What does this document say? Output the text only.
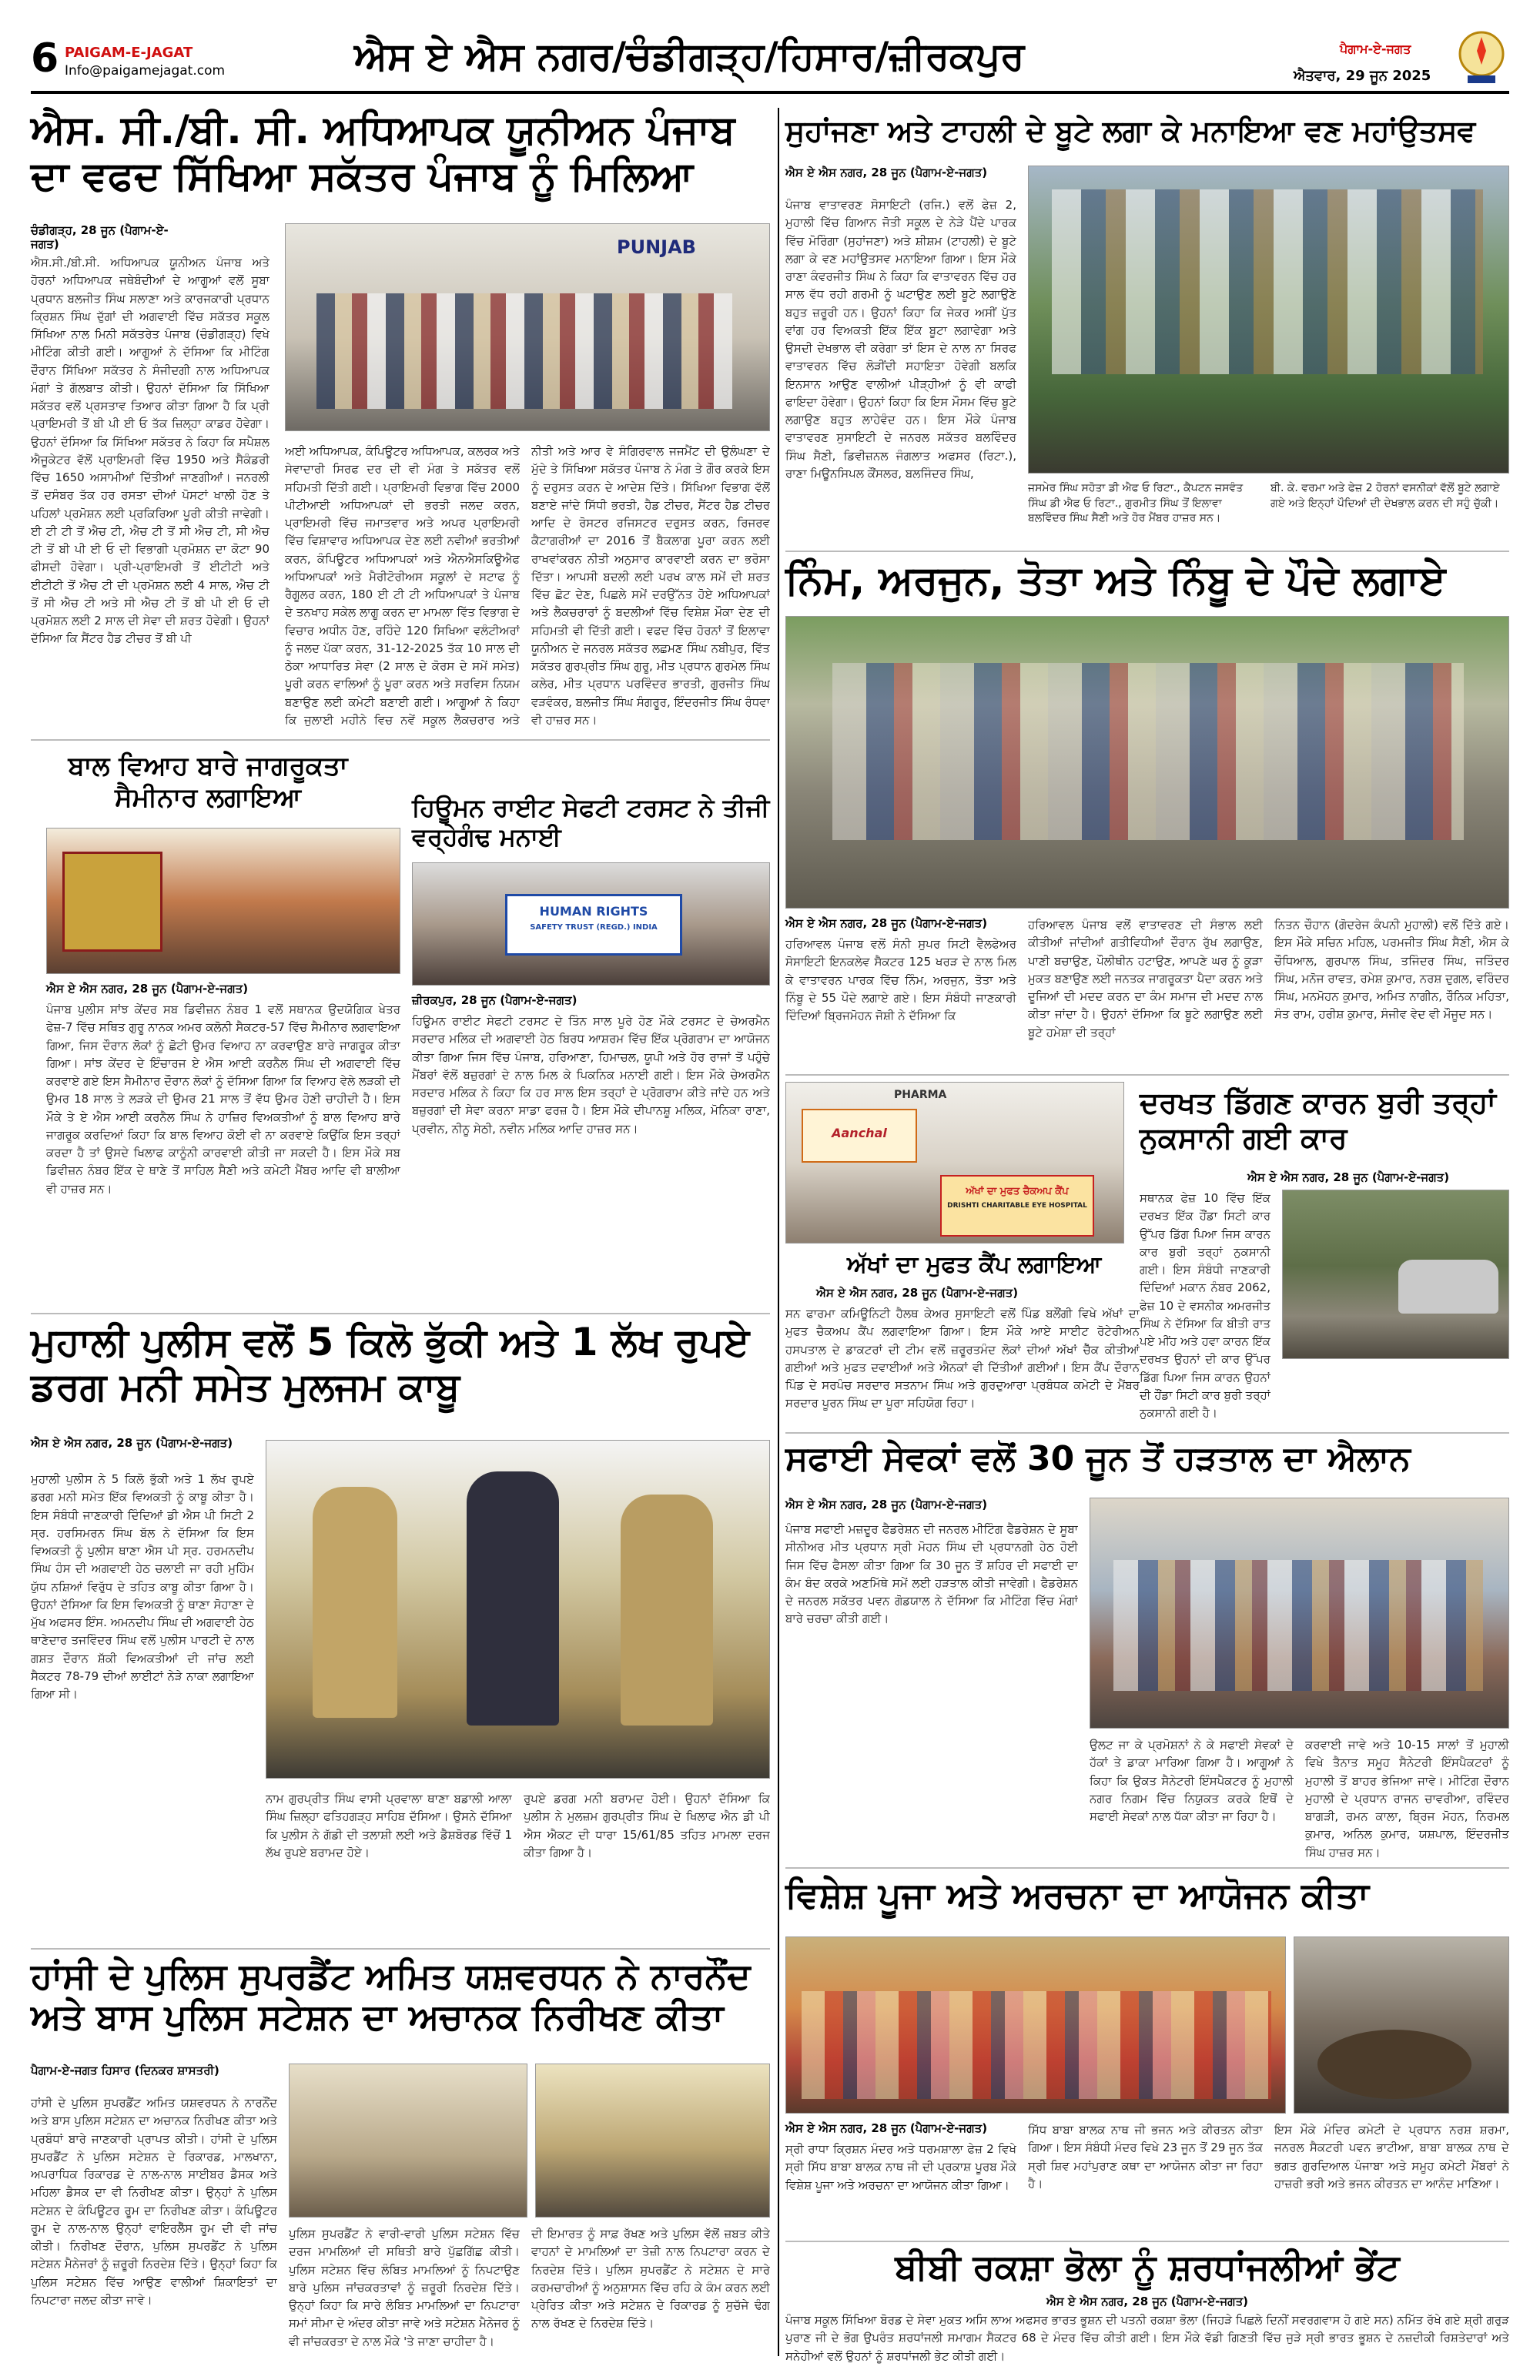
6 PAIGAM-E-JAGAT
Info@paigamejagat.com	ਐਸ ਏ ਐਸ ਨਗਰ/ਚੰਡੀਗੜ੍ਹ/ਹਿਸਾਰ/ਜ਼ੀਰਕਪੁਰ	ਪੈਗਾਮ-ਏ-ਜਗਤ
ਐਤਵਾਰ, 29 ਜੂਨ 2025
ਐਸ. ਸੀ./ਬੀ. ਸੀ. ਅਧਿਆਪਕ ਯੂਨੀਅਨ ਪੰਜਾਬ ਦਾ ਵਫਦ ਸਿੱਖਿਆ ਸਕੱਤਰ ਪੰਜਾਬ ਨੂੰ ਮਿਲਿਆ
ਚੰਡੀਗੜ੍ਹ, 28 ਜੂਨ (ਪੈਗਾਮ-ਏ-ਜਗਤ)
ਐਸ.ਸੀ./ਬੀ.ਸੀ. ਅਧਿਆਪਕ ਯੂਨੀਅਨ ਪੰਜਾਬ ਅਤੇ ਹੋਰਨਾਂ ਅਧਿਆਪਕ ਜਥੇਬੰਦੀਆਂ ਦੇ ਆਗੂਆਂ ਵਲੋਂ ਸੂਬਾ ਪ੍ਰਧਾਨ ਬਲਜੀਤ ਸਿੰਘ ਸਲਾਣਾ ਅਤੇ ਕਾਰਜਕਾਰੀ ਪ੍ਰਧਾਨ ਕ੍ਰਿਸ਼ਨ ਸਿੰਘ ਦੁੱਗਾਂ ਦੀ ਅਗਵਾਈ ਵਿੱਚ ਸਕੱਤਰ ਸਕੂਲ ਸਿੱਖਿਆ ਨਾਲ ਮਿਨੀ ਸਕੱਤਰੇਤ ਪੰਜਾਬ (ਚੰਡੀਗੜ੍ਹ) ਵਿਖੇ ਮੀਟਿੰਗ ਕੀਤੀ ਗਈ। ਆਗੂਆਂ ਨੇ ਦੱਸਿਆ ਕਿ ਮੀਟਿੰਗ ਦੌਰਾਨ ਸਿੱਖਿਆ ਸਕੱਤਰ ਨੇ ਸੰਜੀਦਗੀ ਨਾਲ ਅਧਿਆਪਕ ਮੰਗਾਂ ਤੇ ਗੱਲਬਾਤ ਕੀਤੀ। ਉਹਨਾਂ ਦੱਸਿਆ ਕਿ ਸਿੱਖਿਆ ਸਕੱਤਰ ਵਲੋਂ ਪ੍ਰਸਤਾਵ ਤਿਆਰ ਕੀਤਾ ਗਿਆ ਹੈ ਕਿ ਪ੍ਰੀ ਪ੍ਰਾਇਮਰੀ ਤੋਂ ਬੀ ਪੀ ਈ ਓ ਤੱਕ ਜ਼ਿਲ੍ਹਾ ਕਾਡਰ ਹੋਵੇਗਾ। ਉਹਨਾਂ ਦੱਸਿਆ ਕਿ ਸਿੱਖਿਆ ਸਕੱਤਰ ਨੇ ਕਿਹਾ ਕਿ ਸਪੈਸ਼ਲ ਐਜੂਕੇਟਰ ਵੱਲੋਂ ਪ੍ਰਾਇਮਰੀ ਵਿੱਚ 1950 ਅਤੇ ਸੈਕੰਡਰੀ ਵਿੱਚ 1650 ਅਸਾਮੀਆਂ ਦਿੱਤੀਆਂ ਜਾਣਗੀਆਂ। ਜਨਰਲੀ ਤੋਂ ਦਸੰਬਰ ਤੱਕ ਹਰ ਰਸਤਾ ਦੀਆਂ ਪੋਸਟਾਂ ਖਾਲੀ ਹੋਣ ਤੇ ਪਹਿਲਾਂ ਪ੍ਰਮੋਸ਼ਨ ਲਈ ਪ੍ਰਕਿਰਿਆ ਪੂਰੀ ਕੀਤੀ ਜਾਵੇਗੀ। ਈ ਟੀ ਟੀ ਤੋਂ ਐਚ ਟੀ, ਐਚ ਟੀ ਤੋਂ ਸੀ ਐਚ ਟੀ, ਸੀ ਐਚ ਟੀ ਤੋਂ ਬੀ ਪੀ ਈ ਓ ਦੀ ਵਿਭਾਗੀ ਪ੍ਰਮੋਸ਼ਨ ਦਾ ਕੋਟਾ 90 ਫੀਸਦੀ ਹੋਵੇਗਾ। ਪ੍ਰੀ-ਪ੍ਰਾਇਮਰੀ ਤੋਂ ਈਟੀਟੀ ਅਤੇ ਈਟੀਟੀ ਤੋਂ ਐਚ ਟੀ ਦੀ ਪ੍ਰਮੋਸ਼ਨ ਲਈ 4 ਸਾਲ, ਐਚ ਟੀ ਤੋਂ ਸੀ ਐਚ ਟੀ ਅਤੇ ਸੀ ਐਚ ਟੀ ਤੋਂ ਬੀ ਪੀ ਈ ਓ ਦੀ ਪ੍ਰਮੋਸ਼ਨ ਲਈ 2 ਸਾਲ ਦੀ ਸੇਵਾ ਦੀ ਸ਼ਰਤ ਹੋਵੇਗੀ। ਉਹਨਾਂ ਦੱਸਿਆ ਕਿ ਸੈਂਟਰ ਹੈਡ ਟੀਚਰ ਤੋਂ ਬੀ ਪੀ
PUNJAB
ਅਈ ਅਧਿਆਪਕ, ਕੰਪਿਊਟਰ ਅਧਿਆਪਕ, ਕਲਰਕ ਅਤੇ ਸੇਵਾਦਾਰੀ ਸਿਰਫ ਦਰ ਦੀ ਵੀ ਮੰਗ ਤੇ ਸਕੱਤਰ ਵਲੋਂ ਸਹਿਮਤੀ ਦਿੱਤੀ ਗਈ। ਪ੍ਰਾਇਮਰੀ ਵਿਭਾਗ ਵਿੱਚ 2000 ਪੀਟੀਆਈ ਅਧਿਆਪਕਾਂ ਦੀ ਭਰਤੀ ਜਲਦ ਕਰਨ, ਪ੍ਰਾਇਮਰੀ ਵਿੱਚ ਜਮਾਤਵਾਰ ਅਤੇ ਅਪਰ ਪ੍ਰਾਇਮਰੀ ਵਿੱਚ ਵਿਸ਼ਾਵਾਰ ਅਧਿਆਪਕ ਦੇਣ ਲਈ ਨਵੀਆਂ ਭਰਤੀਆਂ ਕਰਨ, ਕੰਪਿਊਟਰ ਅਧਿਆਪਕਾਂ ਅਤੇ ਐਨਐਸਕਿਊਐਫ ਅਧਿਆਪਕਾਂ ਅਤੇ ਮੈਰੀਟੋਰੀਅਸ ਸਕੂਲਾਂ ਦੇ ਸਟਾਫ ਨੂੰ ਰੈਗੂਲਰ ਕਰਨ, 180 ਈ ਟੀ ਟੀ ਅਧਿਆਪਕਾਂ ਤੇ ਪੰਜਾਬ ਦੇ ਤਨਖਾਹ ਸਕੇਲ ਲਾਗੂ ਕਰਨ ਦਾ ਮਾਮਲਾ ਵਿੱਤ ਵਿਭਾਗ ਦੇ ਵਿਚਾਰ ਅਧੀਨ ਹੋਣ, ਰਹਿੰਦੇ 120 ਸਿਖਿਆ ਵਲੰਟੀਅਰਾਂ ਨੂੰ ਜਲਦ ਪੱਕਾ ਕਰਨ, 31-12-2025 ਤੱਕ 10 ਸਾਲ ਦੀ ਠੇਕਾ ਆਧਾਰਿਤ ਸੇਵਾ (2 ਸਾਲ ਦੇ ਕੋਰਸ ਦੇ ਸਮੇਂ ਸਮੇਤ) ਪੂਰੀ ਕਰਨ ਵਾਲਿਆਂ ਨੂੰ ਪੂਰਾ ਕਰਨ ਅਤੇ ਸਰਵਿਸ ਨਿਯਮ ਬਣਾਉਣ ਲਈ ਕਮੇਟੀ ਬਣਾਈ ਗਈ। ਆਗੂਆਂ ਨੇ ਕਿਹਾ ਕਿ ਜੁਲਾਈ ਮਹੀਨੇ ਵਿਚ ਨਵੇਂ ਸਕੂਲ ਲੈਕਚਰਾਰ ਅਤੇ
ਨੀਤੀ ਅਤੇ ਆਰ ਵੇ ਸੰਗਿਰਵਾਲ ਜਜਮੈਂਟ ਦੀ ਉਲੰਘਣਾ ਦੇ ਮੁੱਦੇ ਤੇ ਸਿੱਖਿਆ ਸਕੱਤਰ ਪੰਜਾਬ ਨੇ ਮੰਗ ਤੇ ਗੌਰ ਕਰਕੇ ਇਸ ਨੂੰ ਦਰੁਸਤ ਕਰਨ ਦੇ ਆਦੇਸ਼ ਦਿੱਤੇ। ਸਿੱਖਿਆ ਵਿਭਾਗ ਵੱਲੋਂ ਬਣਾਏ ਜਾਂਦੇ ਸਿੱਧੀ ਭਰਤੀ, ਹੈਡ ਟੀਚਰ, ਸੈਂਟਰ ਹੈਡ ਟੀਚਰ ਆਦਿ ਦੇ ਰੋਸਟਰ ਰਜਿਸਟਰ ਦਰੁਸਤ ਕਰਨ, ਰਿਜਰਵ ਕੈਟਾਗਰੀਆਂ ਦਾ 2016 ਤੋਂ ਬੈਕਲਾਗ ਪੂਰਾ ਕਰਨ ਲਈ ਰਾਖਵਾਂਕਰਨ ਨੀਤੀ ਅਨੁਸਾਰ ਕਾਰਵਾਈ ਕਰਨ ਦਾ ਭਰੋਸਾ ਦਿੱਤਾ। ਆਪਸੀ ਬਦਲੀ ਲਈ ਪਰਖ ਕਾਲ ਸਮੇਂ ਦੀ ਸ਼ਰਤ ਵਿੱਚ ਛੋਟ ਦੇਣ, ਪਿਛਲੇ ਸਮੇਂ ਦਰਉੱਨਤ ਹੋਏ ਅਧਿਆਪਕਾਂ ਅਤੇ ਲੈਕਚਰਾਰਾਂ ਨੂੰ ਬਦਲੀਆਂ ਵਿੱਚ ਵਿਸ਼ੇਸ਼ ਮੌਕਾ ਦੇਣ ਦੀ ਸਹਿਮਤੀ ਵੀ ਦਿੱਤੀ ਗਈ। ਵਫਦ ਵਿੱਚ ਹੋਰਨਾਂ ਤੋਂ ਇਲਾਵਾ ਯੂਨੀਅਨ ਦੇ ਜਨਰਲ ਸਕੱਤਰ ਲਛਮਣ ਸਿੰਘ ਨਬੀਪੁਰ, ਵਿੱਤ ਸਕੱਤਰ ਗੁਰਪ੍ਰੀਤ ਸਿੰਘ ਗੁਰੂ, ਮੀਤ ਪ੍ਰਧਾਨ ਗੁਰਮੇਲ ਸਿੰਘ ਕਲੇਰ, ਮੀਤ ਪ੍ਰਧਾਨ ਪਰਵਿੰਦਰ ਭਾਰਤੀ, ਗੁਰਜੀਤ ਸਿੰਘ ਵੜਵੰਕਰ, ਬਲਜੀਤ ਸਿੰਘ ਸੰਗਰੂਰ, ਇੰਦਰਜੀਤ ਸਿੰਘ ਰੰਧਵਾ ਵੀ ਹਾਜ਼ਰ ਸਨ।
ਬਾਲ ਵਿਆਹ ਬਾਰੇ ਜਾਗਰੂਕਤਾ ਸੈਮੀਨਾਰ ਲਗਾਇਆ
ਐਸ ਏ ਐਸ ਨਗਰ, 28 ਜੂਨ (ਪੈਗਾਮ-ਏ-ਜਗਤ)
ਪੰਜਾਬ ਪੁਲੀਸ ਸਾਂਝ ਕੇਂਦਰ ਸਬ ਡਿਵੀਜ਼ਨ ਨੰਬਰ 1 ਵਲੋਂ ਸਥਾਨਕ ਉਦਯੋਗਿਕ ਖੇਤਰ ਫੇਜ਼-7 ਵਿੱਚ ਸਥਿਤ ਗੁਰੂ ਨਾਨਕ ਅਮਰ ਕਲੋਨੀ ਸੈਕਟਰ-57 ਵਿੱਚ ਸੈਮੀਨਾਰ ਲਗਵਾਇਆ ਗਿਆ, ਜਿਸ ਦੌਰਾਨ ਲੋਕਾਂ ਨੂੰ ਛੋਟੀ ਉਮਰ ਵਿਆਹ ਨਾ ਕਰਵਾਉਣ ਬਾਰੇ ਜਾਗਰੂਕ ਕੀਤਾ ਗਿਆ। ਸਾਂਝ ਕੇਂਦਰ ਦੇ ਇੰਚਾਰਜ ਏ ਐਸ ਆਈ ਕਰਨੈਲ ਸਿੰਘ ਦੀ ਅਗਵਾਈ ਵਿੱਚ ਕਰਵਾਏ ਗਏ ਇਸ ਸੈਮੀਨਾਰ ਦੌਰਾਨ ਲੋਕਾਂ ਨੂੰ ਦੱਸਿਆ ਗਿਆ ਕਿ ਵਿਆਹ ਵੇਲੇ ਲੜਕੀ ਦੀ ਉਮਰ 18 ਸਾਲ ਤੇ ਲੜਕੇ ਦੀ ਉਮਰ 21 ਸਾਲ ਤੋਂ ਵੱਧ ਉਮਰ ਹੋਣੀ ਚਾਹੀਦੀ ਹੈ। ਇਸ ਮੌਕੇ ਤੇ ਏ ਐਸ ਆਈ ਕਰਨੈਲ ਸਿੰਘ ਨੇ ਹਾਜ਼ਿਰ ਵਿਅਕਤੀਆਂ ਨੂੰ ਬਾਲ ਵਿਆਹ ਬਾਰੇ ਜਾਗਰੂਕ ਕਰਦਿਆਂ ਕਿਹਾ ਕਿ ਬਾਲ ਵਿਆਹ ਕੋਈ ਵੀ ਨਾ ਕਰਵਾਏ ਕਿਉਂਕਿ ਇਸ ਤਰ੍ਹਾਂ ਕਰਦਾ ਹੈ ਤਾਂ ਉਸਦੇ ਖਿਲਾਫ ਕਾਨੂੰਨੀ ਕਾਰਵਾਈ ਕੀਤੀ ਜਾ ਸਕਦੀ ਹੈ। ਇਸ ਮੌਕੇ ਸਬ ਡਿਵੀਜ਼ਨ ਨੰਬਰ ਇੱਕ ਦੇ ਥਾਣੇ ਤੋਂ ਸਾਹਿਲ ਸੈਣੀ ਅਤੇ ਕਮੇਟੀ ਮੈਂਬਰ ਆਦਿ ਵੀ ਬਾਲੀਆ ਵੀ ਹਾਜ਼ਰ ਸਨ।
ਹਿਊਮਨ ਰਾਈਟ ਸੇਫਟੀ ਟਰਸਟ ਨੇ ਤੀਜੀ ਵਰ੍ਹੇਗੰਢ ਮਨਾਈ
HUMAN RIGHTS
SAFETY TRUST (REGD.) INDIA
ਜ਼ੀਰਕਪੁਰ, 28 ਜੂਨ (ਪੈਗਾਮ-ਏ-ਜਗਤ)
ਹਿਊਮਨ ਰਾਈਟ ਸੇਫਟੀ ਟਰਸਟ ਦੇ ਤਿੰਨ ਸਾਲ ਪੂਰੇ ਹੋਣ ਮੌਕੇ ਟਰਸਟ ਦੇ ਚੇਅਰਮੈਨ ਸਰਦਾਰ ਮਲਿਕ ਦੀ ਅਗਵਾਈ ਹੇਠ ਬਿਰਧ ਆਸ਼ਰਮ ਵਿੱਚ ਇੱਕ ਪ੍ਰੋਗਰਾਮ ਦਾ ਆਯੋਜਨ ਕੀਤਾ ਗਿਆ ਜਿਸ ਵਿੱਚ ਪੰਜਾਬ, ਹਰਿਆਣਾ, ਹਿਮਾਚਲ, ਯੂਪੀ ਅਤੇ ਹੋਰ ਰਾਜਾਂ ਤੋਂ ਪਹੁੰਚੇ ਮੈਂਬਰਾਂ ਵੱਲੋਂ ਬਜ਼ੁਰਗਾਂ ਦੇ ਨਾਲ ਮਿਲ ਕੇ ਪਿਕਨਿਕ ਮਨਾਈ ਗਈ। ਇਸ ਮੌਕੇ ਚੇਅਰਮੈਨ ਸਰਦਾਰ ਮਲਿਕ ਨੇ ਕਿਹਾ ਕਿ ਹਰ ਸਾਲ ਇਸ ਤਰ੍ਹਾਂ ਦੇ ਪ੍ਰੋਗਰਾਮ ਕੀਤੇ ਜਾਂਦੇ ਹਨ ਅਤੇ ਬਜ਼ੁਰਗਾਂ ਦੀ ਸੇਵਾ ਕਰਨਾ ਸਾਡਾ ਫਰਜ਼ ਹੈ। ਇਸ ਮੌਕੇ ਦੀਪਾਨਸ਼ੂ ਮਲਿਕ, ਮੋਨਿਕਾ ਰਾਣਾ, ਪ੍ਰਵੀਨ, ਨੀਨੂ ਸੇਠੀ, ਨਵੀਨ ਮਲਿਕ ਆਦਿ ਹਾਜ਼ਰ ਸਨ।
ਮੁਹਾਲੀ ਪੁਲੀਸ ਵਲੋਂ 5 ਕਿਲੋ ਭੁੱਕੀ ਅਤੇ 1 ਲੱਖ ਰੁਪਏ ਡਰਗ ਮਨੀ ਸਮੇਤ ਮੁਲਜਮ ਕਾਬੂ
ਐਸ ਏ ਐਸ ਨਗਰ, 28 ਜੂਨ (ਪੈਗਾਮ-ਏ-ਜਗਤ)
ਮੁਹਾਲੀ ਪੁਲੀਸ ਨੇ 5 ਕਿਲੋ ਭੁੱਕੀ ਅਤੇ 1 ਲੱਖ ਰੁਪਏ ਡਰਗ ਮਨੀ ਸਮੇਤ ਇੱਕ ਵਿਅਕਤੀ ਨੂੰ ਕਾਬੂ ਕੀਤਾ ਹੈ। ਇਸ ਸੰਬੰਧੀ ਜਾਣਕਾਰੀ ਦਿੰਦਿਆਂ ਡੀ ਐਸ ਪੀ ਸਿਟੀ 2 ਸ੍ਰ. ਹਰਸਿਮਰਨ ਸਿੰਘ ਬੱਲ ਨੇ ਦੱਸਿਆ ਕਿ ਇਸ ਵਿਅਕਤੀ ਨੂੰ ਪੁਲੀਸ ਥਾਣਾ ਐਸ ਪੀ ਸ੍ਰ. ਹਰਮਨਦੀਪ ਸਿੰਘ ਹੰਸ ਦੀ ਅਗਵਾਈ ਹੇਠ ਚਲਾਈ ਜਾ ਰਹੀ ਮੁਹਿੰਮ ਯੁੱਧ ਨਸ਼ਿਆਂ ਵਿਰੁੱਧ ਦੇ ਤਹਿਤ ਕਾਬੂ ਕੀਤਾ ਗਿਆ ਹੈ। ਉਹਨਾਂ ਦੱਸਿਆ ਕਿ ਇਸ ਵਿਅਕਤੀ ਨੂੰ ਥਾਣਾ ਸੋਹਾਣਾ ਦੇ ਮੁੱਖ ਅਫਸਰ ਇੰਸ. ਅਮਨਦੀਪ ਸਿੰਘ ਦੀ ਅਗਵਾਈ ਹੇਠ ਥਾਣੇਦਾਰ ਤਜਵਿੰਦਰ ਸਿੰਘ ਵਲੋਂ ਪੁਲੀਸ ਪਾਰਟੀ ਦੇ ਨਾਲ ਗਸ਼ਤ ਦੌਰਾਨ ਸ਼ੱਕੀ ਵਿਅਕਤੀਆਂ ਦੀ ਜਾਂਚ ਲਈ ਸੈਕਟਰ 78-79 ਦੀਆਂ ਲਾਈਟਾਂ ਨੇੜੇ ਨਾਕਾ ਲਗਾਇਆ ਗਿਆ ਸੀ।
ਨਾਮ ਗੁਰਪ੍ਰੀਤ ਸਿੰਘ ਵਾਸੀ ਪ੍ਰਵਾਲਾ ਥਾਣਾ ਬਡਾਲੀ ਆਲਾ ਸਿੰਘ ਜ਼ਿਲ੍ਹਾ ਫਤਿਹਗੜ੍ਹ ਸਾਹਿਬ ਦੱਸਿਆ। ਉਸਨੇ ਦੱਸਿਆ ਕਿ ਪੁਲੀਸ ਨੇ ਗੱਡੀ ਦੀ ਤਲਾਸ਼ੀ ਲਈ ਅਤੇ ਡੈਸ਼ਬੋਰਡ ਵਿੱਚੋਂ 1 ਲੱਖ ਰੁਪਏ ਬਰਾਮਦ ਹੋਏ।
ਰੁਪਏ ਡਰਗ ਮਨੀ ਬਰਾਮਦ ਹੋਈ। ਉਹਨਾਂ ਦੱਸਿਆ ਕਿ ਪੁਲੀਸ ਨੇ ਮੁਲਜ਼ਮ ਗੁਰਪ੍ਰੀਤ ਸਿੰਘ ਦੇ ਖਿਲਾਫ ਐਨ ਡੀ ਪੀ ਐਸ ਐਕਟ ਦੀ ਧਾਰਾ 15/61/85 ਤਹਿਤ ਮਾਮਲਾ ਦਰਜ ਕੀਤਾ ਗਿਆ ਹੈ।
ਹਾਂਸੀ ਦੇ ਪੁਲਿਸ ਸੁਪਰਡੈਂਟ ਅਮਿਤ ਯਸ਼ਵਰਧਨ ਨੇ ਨਾਰਨੌਂਦ ਅਤੇ ਬਾਸ ਪੁਲਿਸ ਸਟੇਸ਼ਨ ਦਾ ਅਚਾਨਕ ਨਿਰੀਖਣ ਕੀਤਾ
ਪੈਗਾਮ-ਏ-ਜਗਤ ਹਿਸਾਰ (ਦਿਨਕਰ ਸ਼ਾਸਤਰੀ)
ਹਾਂਸੀ ਦੇ ਪੁਲਿਸ ਸੁਪਰਡੈਂਟ ਅਮਿਤ ਯਸ਼ਵਰਧਨ ਨੇ ਨਾਰਨੌਂਦ ਅਤੇ ਬਾਸ ਪੁਲਿਸ ਸਟੇਸ਼ਨ ਦਾ ਅਚਾਨਕ ਨਿਰੀਖਣ ਕੀਤਾ ਅਤੇ ਪ੍ਰਬੰਧਾਂ ਬਾਰੇ ਜਾਣਕਾਰੀ ਪ੍ਰਾਪਤ ਕੀਤੀ। ਹਾਂਸੀ ਦੇ ਪੁਲਿਸ ਸੁਪਰਡੈਂਟ ਨੇ ਪੁਲਿਸ ਸਟੇਸ਼ਨ ਦੇ ਰਿਕਾਰਡ, ਮਾਲਖਾਨਾ, ਅਪਰਾਧਿਕ ਰਿਕਾਰਡ ਦੇ ਨਾਲ-ਨਾਲ ਸਾਈਬਰ ਡੈਸਕ ਅਤੇ ਮਹਿਲਾ ਡੈਸਕ ਦਾ ਵੀ ਨਿਰੀਖਣ ਕੀਤਾ। ਉਨ੍ਹਾਂ ਨੇ ਪੁਲਿਸ ਸਟੇਸ਼ਨ ਦੇ ਕੰਪਿਊਟਰ ਰੂਮ ਦਾ ਨਿਰੀਖਣ ਕੀਤਾ। ਕੰਪਿਊਟਰ ਰੂਮ ਦੇ ਨਾਲ-ਨਾਲ ਉਨ੍ਹਾਂ ਵਾਇਰਲੈੱਸ ਰੂਮ ਦੀ ਵੀ ਜਾਂਚ ਕੀਤੀ। ਨਿਰੀਖਣ ਦੌਰਾਨ, ਪੁਲਿਸ ਸੁਪਰਡੈਂਟ ਨੇ ਪੁਲਿਸ ਸਟੇਸ਼ਨ ਮੈਨੇਜਰਾਂ ਨੂੰ ਜ਼ਰੂਰੀ ਨਿਰਦੇਸ਼ ਦਿੱਤੇ। ਉਨ੍ਹਾਂ ਕਿਹਾ ਕਿ ਪੁਲਿਸ ਸਟੇਸ਼ਨ ਵਿੱਚ ਆਉਣ ਵਾਲੀਆਂ ਸ਼ਿਕਾਇਤਾਂ ਦਾ ਨਿਪਟਾਰਾ ਜਲਦ ਕੀਤਾ ਜਾਵੇ।
ਪੁਲਿਸ ਸੁਪਰਡੈਂਟ ਨੇ ਵਾਰੀ-ਵਾਰੀ ਪੁਲਿਸ ਸਟੇਸ਼ਨ ਵਿੱਚ ਦਰਜ ਮਾਮਲਿਆਂ ਦੀ ਸਥਿਤੀ ਬਾਰੇ ਪੁੱਛਗਿੱਛ ਕੀਤੀ। ਪੁਲਿਸ ਸਟੇਸ਼ਨ ਵਿੱਚ ਲੰਬਿਤ ਮਾਮਲਿਆਂ ਨੂੰ ਨਿਪਟਾਉਣ ਬਾਰੇ ਪੁਲਿਸ ਜਾਂਚਕਰਤਾਵਾਂ ਨੂੰ ਜ਼ਰੂਰੀ ਨਿਰਦੇਸ਼ ਦਿੱਤੇ। ਉਨ੍ਹਾਂ ਕਿਹਾ ਕਿ ਸਾਰੇ ਲੰਬਿਤ ਮਾਮਲਿਆਂ ਦਾ ਨਿਪਟਾਰਾ ਸਮਾਂ ਸੀਮਾ ਦੇ ਅੰਦਰ ਕੀਤਾ ਜਾਵੇ ਅਤੇ ਸਟੇਸ਼ਨ ਮੈਨੇਜਰ ਨੂੰ ਵੀ ਜਾਂਚਕਰਤਾ ਦੇ ਨਾਲ ਮੌਕੇ 'ਤੇ ਜਾਣਾ ਚਾਹੀਦਾ ਹੈ।
ਦੀ ਇਮਾਰਤ ਨੂੰ ਸਾਫ਼ ਰੱਖਣ ਅਤੇ ਪੁਲਿਸ ਵੱਲੋਂ ਜ਼ਬਤ ਕੀਤੇ ਵਾਹਨਾਂ ਦੇ ਮਾਮਲਿਆਂ ਦਾ ਤੇਜ਼ੀ ਨਾਲ ਨਿਪਟਾਰਾ ਕਰਨ ਦੇ ਨਿਰਦੇਸ਼ ਦਿੱਤੇ। ਪੁਲਿਸ ਸੁਪਰਡੈਂਟ ਨੇ ਸਟੇਸ਼ਨ ਦੇ ਸਾਰੇ ਕਰਮਚਾਰੀਆਂ ਨੂੰ ਅਨੁਸ਼ਾਸਨ ਵਿੱਚ ਰਹਿ ਕੇ ਕੰਮ ਕਰਨ ਲਈ ਪ੍ਰੇਰਿਤ ਕੀਤਾ ਅਤੇ ਸਟੇਸ਼ਨ ਦੇ ਰਿਕਾਰਡ ਨੂੰ ਸੁਚੱਜੇ ਢੰਗ ਨਾਲ ਰੱਖਣ ਦੇ ਨਿਰਦੇਸ਼ ਦਿੱਤੇ।
ਸੁਹਾਂਜਣਾ ਅਤੇ ਟਾਹਲੀ ਦੇ ਬੂਟੇ ਲਗਾ ਕੇ ਮਨਾਇਆ ਵਣ ਮਹਾਂਉਤਸਵ
ਐਸ ਏ ਐਸ ਨਗਰ, 28 ਜੂਨ (ਪੈਗਾਮ-ਏ-ਜਗਤ)
ਪੰਜਾਬ ਵਾਤਾਵਰਣ ਸੋਸਾਇਟੀ (ਰਜਿ.) ਵਲੋਂ ਫੇਜ਼ 2, ਮੁਹਾਲੀ ਵਿੱਚ ਗਿਆਨ ਜੋਤੀ ਸਕੂਲ ਦੇ ਨੇੜੇ ਪੈਂਦੇ ਪਾਰਕ ਵਿੱਚ ਮੋਰਿੰਗਾ (ਸੁਹਾਂਜਣਾ) ਅਤੇ ਸ਼ੀਸ਼ਮ (ਟਾਹਲੀ) ਦੇ ਬੂਟੇ ਲਗਾ ਕੇ ਵਣ ਮਹਾਂਉਤਸਵ ਮਨਾਇਆ ਗਿਆ। ਇਸ ਮੌਕੇ ਰਾਣਾ ਕੰਵਰਜੀਤ ਸਿੰਘ ਨੇ ਕਿਹਾ ਕਿ ਵਾਤਾਵਰਨ ਵਿੱਚ ਹਰ ਸਾਲ ਵੱਧ ਰਹੀ ਗਰਮੀ ਨੂੰ ਘਟਾਉਣ ਲਈ ਬੂਟੇ ਲਗਾਉਣੇ ਬਹੁਤ ਜ਼ਰੂਰੀ ਹਨ। ਉਹਨਾਂ ਕਿਹਾ ਕਿ ਜੇਕਰ ਅਸੀਂ ਪੁੱਤ ਵਾਂਗ ਹਰ ਵਿਅਕਤੀ ਇੱਕ ਇੱਕ ਬੂਟਾ ਲਗਾਵੇਗਾ ਅਤੇ ਉਸਦੀ ਦੇਖਭਾਲ ਵੀ ਕਰੇਗਾ ਤਾਂ ਇਸ ਦੇ ਨਾਲ ਨਾ ਸਿਰਫ ਵਾਤਾਵਰਨ ਵਿੱਚ ਲੋੜੀਂਦੀ ਸਹਾਇਤਾ ਹੋਵੇਗੀ ਬਲਕਿ ਇਨਸਾਨ ਆਉਣ ਵਾਲੀਆਂ ਪੀੜ੍ਹੀਆਂ ਨੂੰ ਵੀ ਕਾਫੀ ਫਾਇਦਾ ਹੋਵੇਗਾ। ਉਹਨਾਂ ਕਿਹਾ ਕਿ ਇਸ ਮੌਸਮ ਵਿੱਚ ਬੂਟੇ ਲਗਾਉਣ ਬਹੁਤ ਲਾਹੇਵੰਦ ਹਨ। ਇਸ ਮੌਕੇ ਪੰਜਾਬ ਵਾਤਾਵਰਣ ਸੁਸਾਇਟੀ ਦੇ ਜਨਰਲ ਸਕੱਤਰ ਬਲਵਿੰਦਰ ਸਿੰਘ ਸੈਣੀ, ਡਿਵੀਜ਼ਨਲ ਜੰਗਲਾਤ ਅਫਸਰ (ਰਿਟਾ.), ਰਾਣਾ ਮਿਊਨਸਿਪਲ ਕੌਂਸਲਰ, ਬਲਜਿੰਦਰ ਸਿੰਘ,
ਜਸਮੇਰ ਸਿੰਘ ਸਹੋਤਾ ਡੀ ਐਫ ਓ ਰਿਟਾ., ਕੈਪਟਨ ਜਸਵੰਤ ਸਿੰਘ ਡੀ ਐਫ ਓ ਰਿਟਾ., ਗੁਰਮੀਤ ਸਿੰਘ ਤੋਂ ਇਲਾਵਾ ਬਲਵਿੰਦਰ ਸਿੰਘ ਸੈਣੀ ਅਤੇ ਹੋਰ ਮੈਂਬਰ ਹਾਜ਼ਰ ਸਨ।
ਬੀ. ਕੇ. ਵਰਮਾ ਅਤੇ ਫੇਜ਼ 2 ਹੋਰਨਾਂ ਵਸਨੀਕਾਂ ਵੱਲੋਂ ਬੂਟੇ ਲਗਾਏ ਗਏ ਅਤੇ ਇਨ੍ਹਾਂ ਪੌਦਿਆਂ ਦੀ ਦੇਖਭਾਲ ਕਰਨ ਦੀ ਸਹੁੰ ਚੁੱਕੀ।
ਨਿੰਮ, ਅਰਜੁਨ, ਤੋਤਾ ਅਤੇ ਨਿੰਬੂ ਦੇ ਪੌਦੇ ਲਗਾਏ
ਐਸ ਏ ਐਸ ਨਗਰ, 28 ਜੂਨ (ਪੈਗਾਮ-ਏ-ਜਗਤ)
ਹਰਿਆਵਲ ਪੰਜਾਬ ਵਲੋਂ ਸੰਨੀ ਸੁਪਰ ਸਿਟੀ ਵੈਲਫੇਅਰ ਸੋਸਾਇਟੀ ਇਨਕਲੇਵ ਸੈਕਟਰ 125 ਖਰੜ ਦੇ ਨਾਲ ਮਿਲ ਕੇ ਵਾਤਾਵਰਨ ਪਾਰਕ ਵਿੱਚ ਨਿੰਮ, ਅਰਜੁਨ, ਤੋਤਾ ਅਤੇ ਨਿੰਬੂ ਦੇ 55 ਪੌਦੇ ਲਗਾਏ ਗਏ। ਇਸ ਸੰਬੰਧੀ ਜਾਣਕਾਰੀ ਦਿੰਦਿਆਂ ਬ੍ਰਿਜਮੋਹਨ ਜੋਸ਼ੀ ਨੇ ਦੱਸਿਆ ਕਿ
ਹਰਿਆਵਲ ਪੰਜਾਬ ਵਲੋਂ ਵਾਤਾਵਰਣ ਦੀ ਸੰਭਾਲ ਲਈ ਕੀਤੀਆਂ ਜਾਂਦੀਆਂ ਗਤੀਵਿਧੀਆਂ ਦੌਰਾਨ ਰੁੱਖ ਲਗਾਉਣ, ਪਾਣੀ ਬਚਾਉਣ, ਪੌਲੀਥੀਨ ਹਟਾਉਣ, ਆਪਣੇ ਘਰ ਨੂੰ ਕੂੜਾ ਮੁਕਤ ਬਣਾਉਣ ਲਈ ਜਨਤਕ ਜਾਗਰੂਕਤਾ ਪੈਦਾ ਕਰਨ ਅਤੇ ਦੂਜਿਆਂ ਦੀ ਮਦਦ ਕਰਨ ਦਾ ਕੰਮ ਸਮਾਜ ਦੀ ਮਦਦ ਨਾਲ ਕੀਤਾ ਜਾਂਦਾ ਹੈ। ਉਹਨਾਂ ਦੱਸਿਆ ਕਿ ਬੂਟੇ ਲਗਾਉਣ ਲਈ ਬੂਟੇ ਹਮੇਸ਼ਾ ਦੀ ਤਰ੍ਹਾਂ
ਨਿਤਨ ਚੌਹਾਨ (ਗੋਦਰੇਜ ਕੰਪਨੀ ਮੁਹਾਲੀ) ਵਲੋਂ ਦਿੱਤੇ ਗਏ। ਇਸ ਮੌਕੇ ਸਚਿਨ ਮਹਿਲ, ਪਰਮਜੀਤ ਸਿੰਘ ਸੈਣੀ, ਐਸ ਕੇ ਚੌਧਿਆਲ, ਗੁਰਪਾਲ ਸਿੰਘ, ਤਜਿੰਦਰ ਸਿੰਘ, ਜਤਿੰਦਰ ਸਿੰਘ, ਮਨੋਜ ਰਾਵਤ, ਰਮੇਸ਼ ਕੁਮਾਰ, ਨਰਸ਼ ਦੁਗਲ, ਵਰਿੰਦਰ ਸਿੰਘ, ਮਨਮੋਹਨ ਕੁਮਾਰ, ਅਮਿਤ ਨਾਗੀਨ, ਰੌਨਿਕ ਮਹਿਤਾ, ਸੰਤ ਰਾਮ, ਹਰੀਸ਼ ਕੁਮਾਰ, ਸੰਜੀਵ ਵੇਦ ਵੀ ਮੌਜੂਦ ਸਨ।
PHARMA
Aanchal
ਅੱਖਾਂ ਦਾ ਮੁਫਤ ਚੈਕਅਪ ਕੈਂਪ
DRISHTI CHARITABLE EYE HOSPITAL
ਅੱਖਾਂ ਦਾ ਮੁਫਤ ਕੈਂਪ ਲਗਾਇਆ
ਐਸ ਏ ਐਸ ਨਗਰ, 28 ਜੂਨ (ਪੈਗਾਮ-ਏ-ਜਗਤ)
ਸਨ ਫਾਰਮਾ ਕਮਿਊਨਿਟੀ ਹੈਲਥ ਕੇਅਰ ਸੁਸਾਇਟੀ ਵਲੋਂ ਪਿੰਡ ਬਲੌਂਗੀ ਵਿਖੇ ਅੱਖਾਂ ਦਾ ਮੁਫਤ ਚੈਕਅਪ ਕੈਂਪ ਲਗਵਾਇਆ ਗਿਆ। ਇਸ ਮੌਕੇ ਆਏ ਸਾਈਟ ਰੋਟੇਰੀਅਨ ਹਸਪਤਾਲ ਦੇ ਡਾਕਟਰਾਂ ਦੀ ਟੀਮ ਵਲੋਂ ਜ਼ਰੂਰਤਮੰਦ ਲੋਕਾਂ ਦੀਆਂ ਅੱਖਾਂ ਚੈੱਕ ਕੀਤੀਆਂ ਗਈਆਂ ਅਤੇ ਮੁਫਤ ਦਵਾਈਆਂ ਅਤੇ ਐਨਕਾਂ ਵੀ ਦਿੱਤੀਆਂ ਗਈਆਂ। ਇਸ ਕੈਂਪ ਦੌਰਾਨ ਪਿੰਡ ਦੇ ਸਰਪੰਚ ਸਰਦਾਰ ਸਤਨਾਮ ਸਿੰਘ ਅਤੇ ਗੁਰਦੁਆਰਾ ਪ੍ਰਬੰਧਕ ਕਮੇਟੀ ਦੇ ਮੈਂਬਰ ਸਰਦਾਰ ਪੂਰਨ ਸਿੰਘ ਦਾ ਪੂਰਾ ਸਹਿਯੋਗ ਰਿਹਾ।
ਦਰਖਤ ਡਿੱਗਣ ਕਾਰਨ ਬੁਰੀ ਤਰ੍ਹਾਂ ਨੁਕਸਾਨੀ ਗਈ ਕਾਰ
ਐਸ ਏ ਐਸ ਨਗਰ, 28 ਜੂਨ (ਪੈਗਾਮ-ਏ-ਜਗਤ)
ਸਥਾਨਕ ਫੇਜ਼ 10 ਵਿੱਚ ਇੱਕ ਦਰਖਤ ਇੱਕ ਹੌਂਡਾ ਸਿਟੀ ਕਾਰ ਉੱਪਰ ਡਿੱਗ ਪਿਆ ਜਿਸ ਕਾਰਨ ਕਾਰ ਬੁਰੀ ਤਰ੍ਹਾਂ ਨੁਕਸਾਨੀ ਗਈ। ਇਸ ਸੰਬੰਧੀ ਜਾਣਕਾਰੀ ਦਿੰਦਿਆਂ ਮਕਾਨ ਨੰਬਰ 2062, ਫੇਜ਼ 10 ਦੇ ਵਸਨੀਕ ਅਮਰਜੀਤ ਸਿੰਘ ਨੇ ਦੱਸਿਆ ਕਿ ਬੀਤੀ ਰਾਤ ਪਏ ਮੀਂਹ ਅਤੇ ਹਵਾ ਕਾਰਨ ਇੱਕ ਦਰਖਤ ਉਹਨਾਂ ਦੀ ਕਾਰ ਉੱਪਰ ਡਿੱਗ ਪਿਆ ਜਿਸ ਕਾਰਨ ਉਹਨਾਂ ਦੀ ਹੌਂਡਾ ਸਿਟੀ ਕਾਰ ਬੁਰੀ ਤਰ੍ਹਾਂ ਨੁਕਸਾਨੀ ਗਈ ਹੈ।
ਸਫਾਈ ਸੇਵਕਾਂ ਵਲੋਂ 30 ਜੂਨ ਤੋਂ ਹੜਤਾਲ ਦਾ ਐਲਾਨ
ਐਸ ਏ ਐਸ ਨਗਰ, 28 ਜੂਨ (ਪੈਗਾਮ-ਏ-ਜਗਤ)
ਪੰਜਾਬ ਸਫਾਈ ਮਜ਼ਦੂਰ ਫੈਡਰੇਸ਼ਨ ਦੀ ਜਨਰਲ ਮੀਟਿੰਗ ਫੈਡਰੇਸ਼ਨ ਦੇ ਸੂਬਾ ਸੀਨੀਅਰ ਮੀਤ ਪ੍ਰਧਾਨ ਸ੍ਰੀ ਮੋਹਨ ਸਿੰਘ ਦੀ ਪ੍ਰਧਾਨਗੀ ਹੇਠ ਹੋਈ ਜਿਸ ਵਿੱਚ ਫੈਸਲਾ ਕੀਤਾ ਗਿਆ ਕਿ 30 ਜੂਨ ਤੋਂ ਸ਼ਹਿਰ ਦੀ ਸਫਾਈ ਦਾ ਕੰਮ ਬੰਦ ਕਰਕੇ ਅਣਮਿੱਥੇ ਸਮੇਂ ਲਈ ਹੜਤਾਲ ਕੀਤੀ ਜਾਵੇਗੀ। ਫੈਡਰੇਸ਼ਨ ਦੇ ਜਨਰਲ ਸਕੱਤਰ ਪਵਨ ਗੋਡਯਾਲ ਨੇ ਦੱਸਿਆ ਕਿ ਮੀਟਿੰਗ ਵਿੱਚ ਮੰਗਾਂ ਬਾਰੇ ਚਰਚਾ ਕੀਤੀ ਗਈ।
ਉਲਟ ਜਾ ਕੇ ਪ੍ਰਮੋਸ਼ਨਾਂ ਨੇ ਕੇ ਸਫਾਈ ਸੇਵਕਾਂ ਦੇ ਹੱਕਾਂ ਤੇ ਡਾਕਾ ਮਾਰਿਆ ਗਿਆ ਹੈ। ਆਗੂਆਂ ਨੇ ਕਿਹਾ ਕਿ ਉਕਤ ਸੈਨੇਟਰੀ ਇੰਸਪੈਕਟਰ ਨੂੰ ਮੁਹਾਲੀ ਨਗਰ ਨਿਗਮ ਵਿੱਚ ਨਿਯੁਕਤ ਕਰਕੇ ਇਥੋਂ ਦੇ ਸਫਾਈ ਸੇਵਕਾਂ ਨਾਲ ਧੱਕਾ ਕੀਤਾ ਜਾ ਰਿਹਾ ਹੈ।
ਕਰਵਾਈ ਜਾਵੇ ਅਤੇ 10-15 ਸਾਲਾਂ ਤੋਂ ਮੁਹਾਲੀ ਵਿਖੇ ਤੈਨਾਤ ਸਮੂਹ ਸੈਨੇਟਰੀ ਇੰਸਪੈਕਟਰਾਂ ਨੂੰ ਮੁਹਾਲੀ ਤੋਂ ਬਾਹਰ ਭੇਜਿਆ ਜਾਵੇ। ਮੀਟਿੰਗ ਦੌਰਾਨ ਮੁਹਾਲੀ ਦੇ ਪ੍ਰਧਾਨ ਰਾਜਨ ਚਾਵਰੀਆ, ਰਵਿੰਦਰ ਬਾਗੜੀ, ਰਮਨ ਕਾਲਾ, ਬ੍ਰਿਜ ਮੋਹਨ, ਨਿਰਮਲ ਕੁਮਾਰ, ਅਨਿਲ ਕੁਮਾਰ, ਯਸ਼ਪਾਲ, ਇੰਦਰਜੀਤ ਸਿੰਘ ਹਾਜ਼ਰ ਸਨ।
ਵਿਸ਼ੇਸ਼ ਪੂਜਾ ਅਤੇ ਅਰਚਨਾ ਦਾ ਆਯੋਜਨ ਕੀਤਾ
ਐਸ ਏ ਐਸ ਨਗਰ, 28 ਜੂਨ (ਪੈਗਾਮ-ਏ-ਜਗਤ)
ਸ੍ਰੀ ਰਾਧਾ ਕ੍ਰਿਸ਼ਨ ਮੰਦਰ ਅਤੇ ਧਰਮਸ਼ਾਲਾ ਫੇਜ਼ 2 ਵਿਖੇ ਸ੍ਰੀ ਸਿੱਧ ਬਾਬਾ ਬਾਲਕ ਨਾਥ ਜੀ ਦੀ ਪ੍ਰਕਾਸ਼ ਪੂਰਬ ਮੌਕੇ ਵਿਸ਼ੇਸ਼ ਪੂਜਾ ਅਤੇ ਅਰਚਨਾ ਦਾ ਆਯੋਜਨ ਕੀਤਾ ਗਿਆ।
ਸਿੱਧ ਬਾਬਾ ਬਾਲਕ ਨਾਥ ਜੀ ਭਜਨ ਅਤੇ ਕੀਰਤਨ ਕੀਤਾ ਗਿਆ। ਇਸ ਸੰਬੰਧੀ ਮੰਦਰ ਵਿਖੇ 23 ਜੂਨ ਤੋਂ 29 ਜੂਨ ਤੱਕ ਸ੍ਰੀ ਸ਼ਿਵ ਮਹਾਂਪੁਰਾਣ ਕਥਾ ਦਾ ਆਯੋਜਨ ਕੀਤਾ ਜਾ ਰਿਹਾ ਹੈ।
ਇਸ ਮੌਕੇ ਮੰਦਿਰ ਕਮੇਟੀ ਦੇ ਪ੍ਰਧਾਨ ਨਰਸ਼ ਸ਼ਰਮਾ, ਜਨਰਲ ਸੈਕਟਰੀ ਪਵਨ ਭਾਟੀਆ, ਬਾਬਾ ਬਾਲਕ ਨਾਥ ਦੇ ਭਗਤ ਗੁਰਦਿਆਲ ਪੰਜਾਬਾ ਅਤੇ ਸਮੂਹ ਕਮੇਟੀ ਮੈਂਬਰਾਂ ਨੇ ਹਾਜ਼ਰੀ ਭਰੀ ਅਤੇ ਭਜਨ ਕੀਰਤਨ ਦਾ ਆਨੰਦ ਮਾਣਿਆ।
ਬੀਬੀ ਰਕਸ਼ਾ ਭੋਲਾ ਨੂੰ ਸ਼ਰਧਾਂਜਲੀਆਂ ਭੇਂਟ
ਐਸ ਏ ਐਸ ਨਗਰ, 28 ਜੂਨ (ਪੈਗਾਮ-ਏ-ਜਗਤ)
ਪੰਜਾਬ ਸਕੂਲ ਸਿੱਖਿਆ ਬੋਰਡ ਦੇ ਸੇਵਾ ਮੁਕਤ ਅਸਿ ਲਾਅ ਅਫਸਰ ਭਾਰਤ ਭੂਸ਼ਨ ਦੀ ਪਤਨੀ ਰਕਸ਼ਾ ਭੋਲਾ (ਜਿਹੜੇ ਪਿਛਲੇ ਦਿਨੀਂ ਸਵਰਗਵਾਸ ਹੋ ਗਏ ਸਨ) ਨਮਿੱਤ ਰੱਖੇ ਗਏ ਸ਼੍ਰੀ ਗਰੁੜ ਪੁਰਾਣ ਜੀ ਦੇ ਭੋਗ ਉਪਰੰਤ ਸ਼ਰਧਾਂਜਲੀ ਸਮਾਗਮ ਸੈਕਟਰ 68 ਦੇ ਮੰਦਰ ਵਿੱਚ ਕੀਤੀ ਗਈ। ਇਸ ਮੌਕੇ ਵੱਡੀ ਗਿਣਤੀ ਵਿੱਚ ਜੁੜੇ ਸ੍ਰੀ ਭਾਰਤ ਭੂਸ਼ਨ ਦੇ ਨਜ਼ਦੀਕੀ ਰਿਸ਼ਤੇਦਾਰਾਂ ਅਤੇ ਸਨੇਹੀਆਂ ਵਲੋਂ ਉਹਨਾਂ ਨੂੰ ਸ਼ਰਧਾਂਜਲੀ ਭੇਟ ਕੀਤੀ ਗਈ।
